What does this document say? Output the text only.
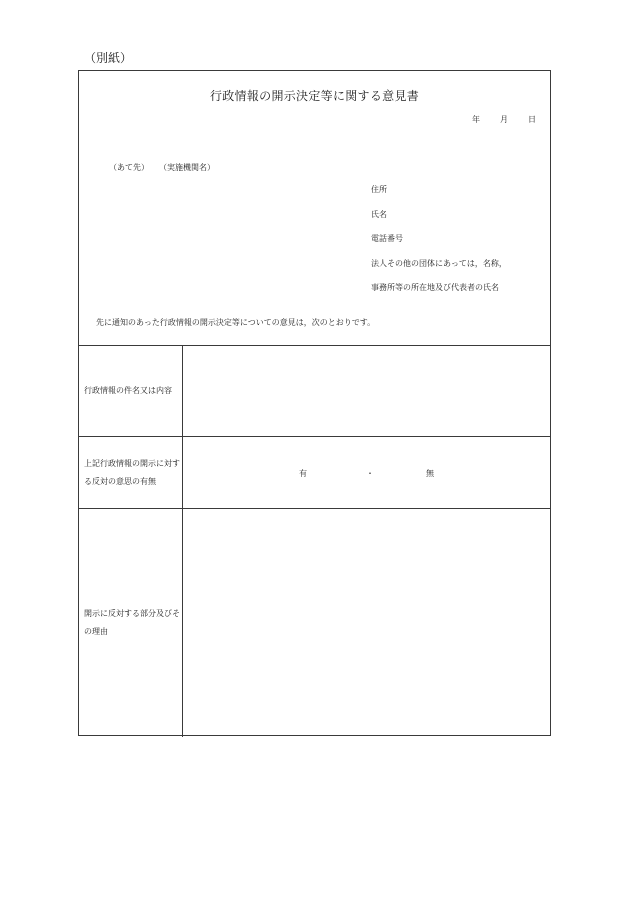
（別紙）
行政情報の開示決定等に関する意見書
年	月	日
（あて先） （実施機関名）
住所
氏名
電話番号
法人その他の団体にあっては，名称，
事務所等の所在地及び代表者の氏名
先に通知のあった行政情報の開示決定等についての意見は，次のとおりです。
行政情報の件名又は内容
上記行政情報の開示に対する反対の意思の有無
有	・	無
開示に反対する部分及びその理由
